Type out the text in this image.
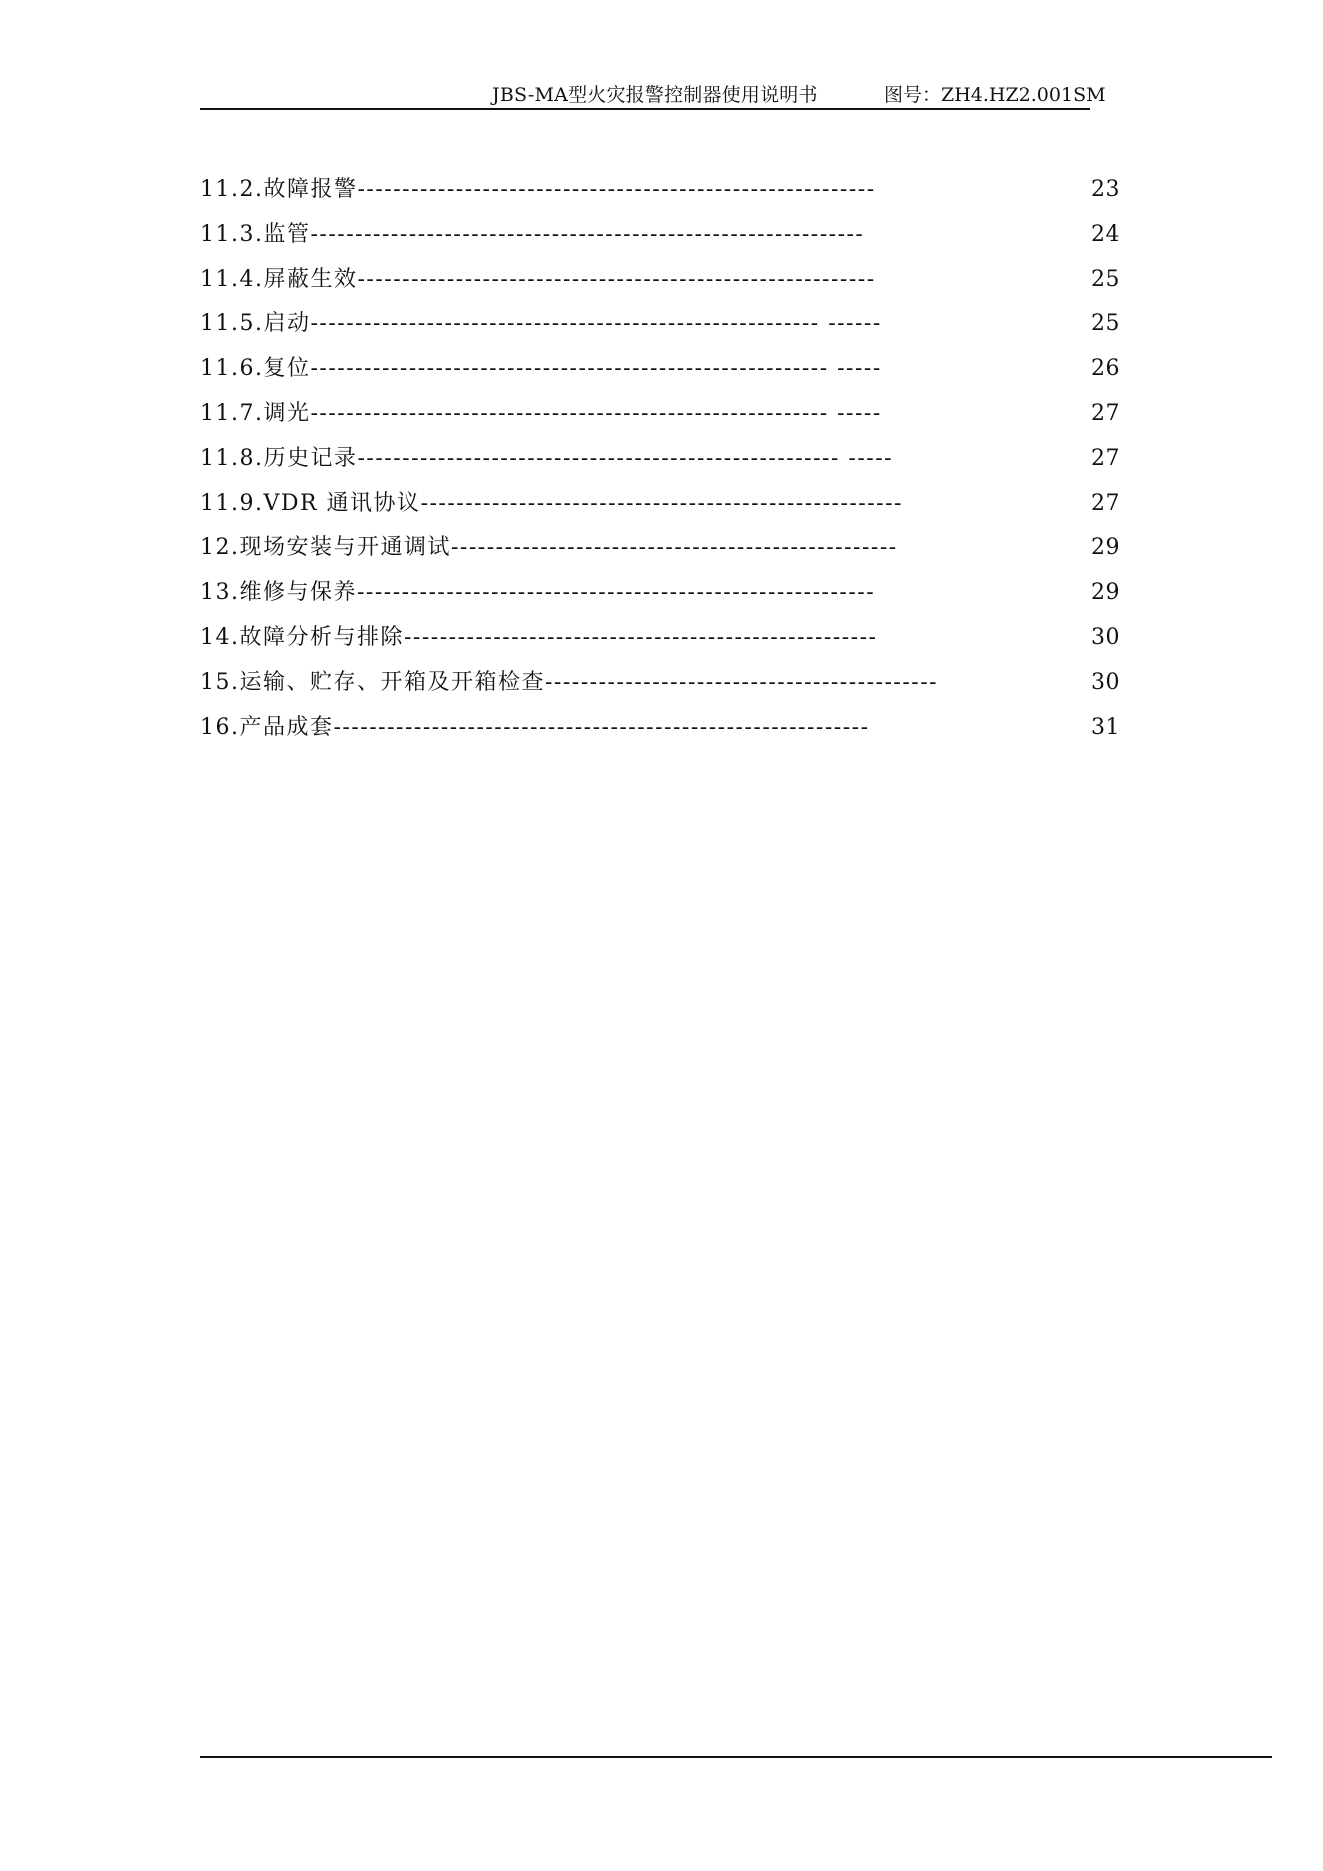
JBS-MA型火灾报警控制器使用说明书	图号：ZH4.HZ2.001SM
11.2.故障报警----------------------------------------------------------	23
11.3.监管--------------------------------------------------------------	24
11.4.屏蔽生效----------------------------------------------------------	25
11.5.启动--------------------------------------------------------- ------	25
11.6.复位---------------------------------------------------------- -----	26
11.7.调光---------------------------------------------------------- -----	27
11.8.历史记录------------------------------------------------------ -----	27
11.9.VDR 通讯协议------------------------------------------------------	27
12.现场安装与开通调试--------------------------------------------------	29
13.维修与保养----------------------------------------------------------	29
14.故障分析与排除-----------------------------------------------------	30
15.运输、贮存、开箱及开箱检查--------------------------------------------	30
16.产品成套------------------------------------------------------------	31
